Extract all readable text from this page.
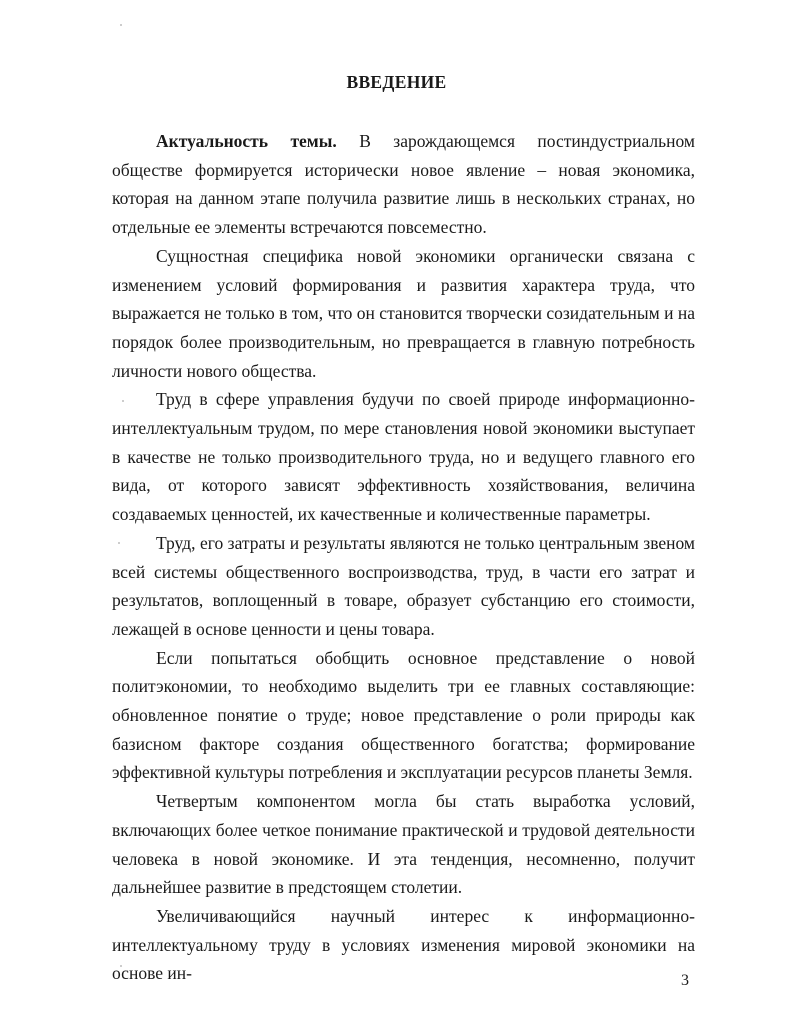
ВВЕДЕНИЕ

Актуальность темы. В зарождающемся постиндустриальном обществе формируется исторически новое явление – новая экономика, которая на данном этапе получила развитие лишь в нескольких странах, но отдельные ее элементы встречаются повсеместно.

Сущностная специфика новой экономики органически связана с изменением условий формирования и развития характера труда, что выражается не только в том, что он становится творчески созидательным и на порядок более производительным, но превращается в главную потребность личности нового общества.

Труд в сфере управления будучи по своей природе информационно-интеллектуальным трудом, по мере становления новой экономики выступает в качестве не только производительного труда, но и ведущего главного его вида, от которого зависят эффективность хозяйствования, величина создаваемых ценностей, их качественные и количественные параметры.

Труд, его затраты и результаты являются не только центральным звеном всей системы общественного воспроизводства, труд, в части его затрат и результатов, воплощенный в товаре, образует субстанцию его стоимости, лежащей в основе ценности и цены товара.

Если попытаться обобщить основное представление о новой политэкономии, то необходимо выделить три ее главных составляющие: обновленное понятие о труде; новое представление о роли природы как базисном факторе создания общественного богатства; формирование эффективной культуры потребления и эксплуатации ресурсов планеты Земля.

Четвертым компонентом могла бы стать выработка условий, включающих более четкое понимание практической и трудовой деятельности человека в новой экономике. И эта тенденция, несомненно, получит дальнейшее развитие в предстоящем столетии.

Увеличивающийся научный интерес к информационно-интеллектуальному труду в условиях изменения мировой экономики на основе ин-	3
